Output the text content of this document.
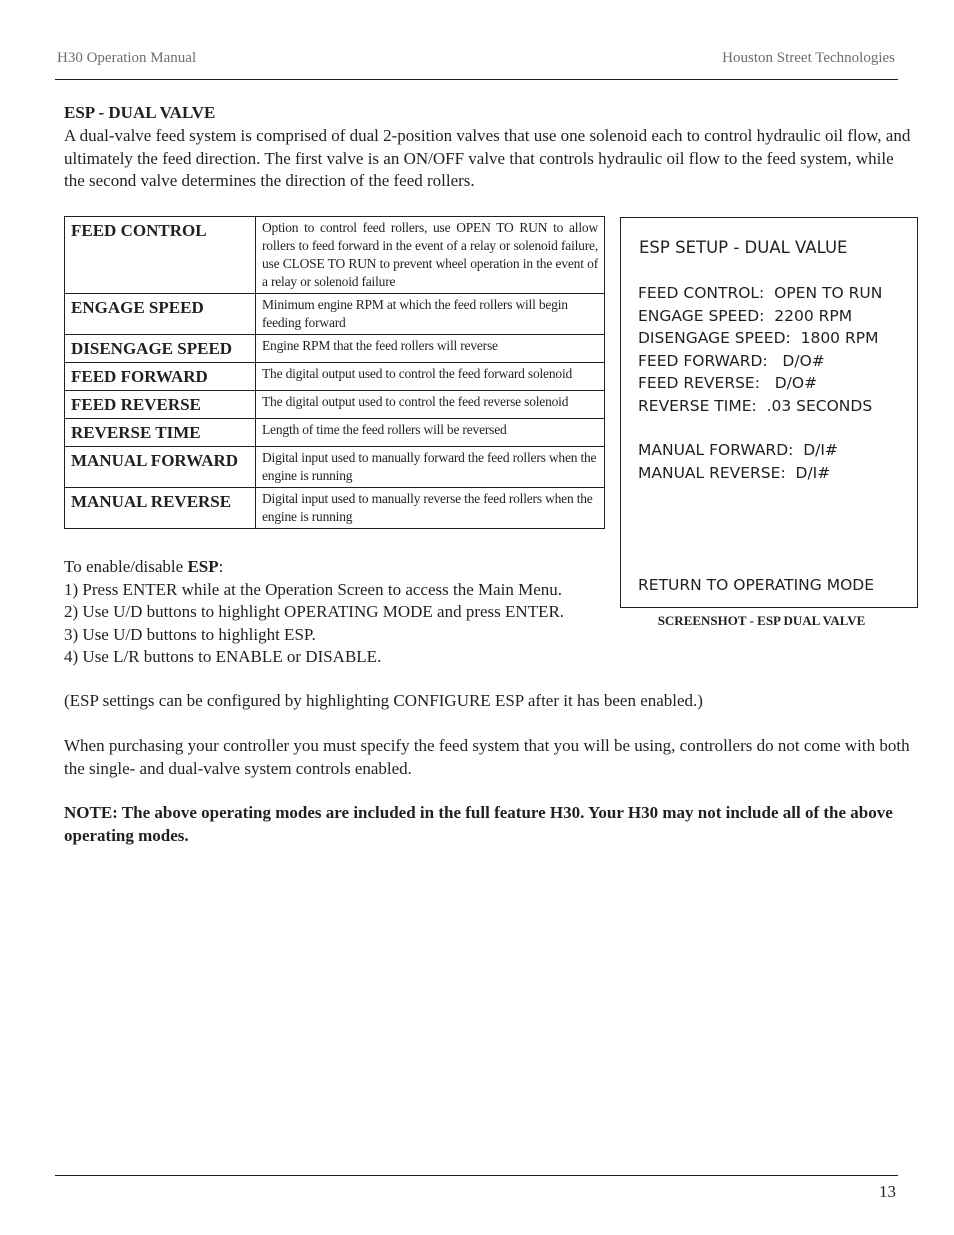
H30 Operation Manual	Houston Street Technologies
ESP - DUAL VALVE
A dual-valve feed system is comprised of dual 2-position valves that use one solenoid each to control hydraulic oil flow, and ultimately the feed direction. The first valve is an ON/OFF valve that controls hydraulic oil flow to the feed system, while the second valve determines the direction of the feed rollers.
FEED CONTROL	Option to control feed rollers, use OPEN TO RUN to allow rollers to feed forward in the event of a relay or solenoid failure, use CLOSE TO RUN to prevent wheel operation in the event of a relay or solenoid failure
ENGAGE SPEED	Minimum engine RPM at which the feed rollers will begin feeding forward
DISENGAGE SPEED	Engine RPM that the feed rollers will reverse
FEED FORWARD	The digital output used to control the feed forward solenoid
FEED REVERSE	The digital output used to control the feed reverse solenoid
REVERSE TIME	Length of time the feed rollers will be reversed
MANUAL FORWARD	Digital input used to manually forward the feed rollers when the engine is running
MANUAL REVERSE	Digital input used to manually reverse the feed rollers when the engine is running
ESP SETUP - DUAL VALUE
FEED CONTROL:  OPEN TO RUN
ENGAGE SPEED:  2200 RPM
DISENGAGE SPEED:  1800 RPM
FEED FORWARD:   D/O#
FEED REVERSE:   D/O#
REVERSE TIME:  .03 SECONDS
MANUAL FORWARD:  D/I#
MANUAL REVERSE:  D/I#
RETURN TO OPERATING MODE
SCREENSHOT - ESP DUAL VALVE
To enable/disable ESP:
1) Press ENTER while at the Operation Screen to access the Main Menu.
2) Use U/D buttons to highlight OPERATING MODE and press ENTER.
3) Use U/D buttons to highlight ESP.
4) Use L/R buttons to ENABLE or DISABLE.
(ESP settings can be configured by highlighting CONFIGURE ESP after it has been enabled.)
When purchasing your controller you must specify the feed system that you will be using, controllers do not come with both the single- and dual-valve system controls enabled.
NOTE: The above operating modes are included in the full feature H30. Your H30 may not include all of the above operating modes.
13
